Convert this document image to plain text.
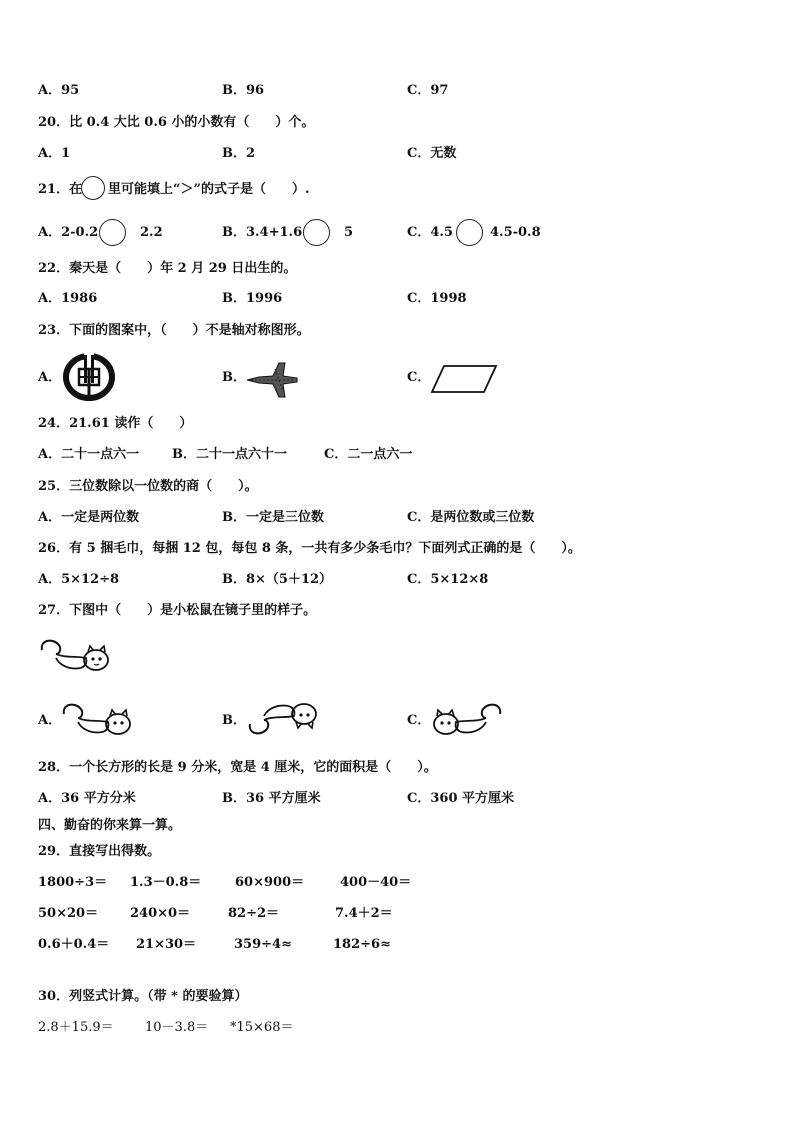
A．95	B．96	C．97
20．比 0.4 大比 0.6 小的小数有（　　）个。
A．1	B．2	C．无数
21．在 里可能填上“＞”的式子是（　　）.
A．2-0.2	2.2	B．3.4+1.6	5	C．4.5	4.5-0.8
22．秦天是（　　）年 2 月 29 日出生的。
A．1986	B．1996	C．1998
23．下面的图案中，（　　）不是轴对称图形。
A．	B．	C．
24．21.61 读作（　　）
A．二十一点六一	B．二十一点六十一	C．二一点六一
25．三位数除以一位数的商（　　）。
A．一定是两位数	B．一定是三位数	C．是两位数或三位数
26．有 5 捆毛巾，每捆 12 包，每包 8 条，一共有多少条毛巾？下面列式正确的是（　　）。
A．5×12÷8	B．8×（5＋12）	C．5×12×8
27．下图中（　　）是小松鼠在镜子里的样子。
A．	B．	C．
28．一个长方形的长是 9 分米，宽是 4 厘米，它的面积是（　　）。
A．36 平方分米	B．36 平方厘米	C．360 平方厘米
四、勤奋的你来算一算。
29．直接写出得数。
1800÷3＝ 1.3－0.8＝	60×900＝	400－40＝
50×20＝ 240×0＝	82÷2＝	7.4＋2＝
0.6＋0.4＝ 21×30＝	359÷4≈	182÷6≈
30．列竖式计算。（带 * 的要验算）
2.8＋15.9＝ 10－3.8＝ *15×68＝
